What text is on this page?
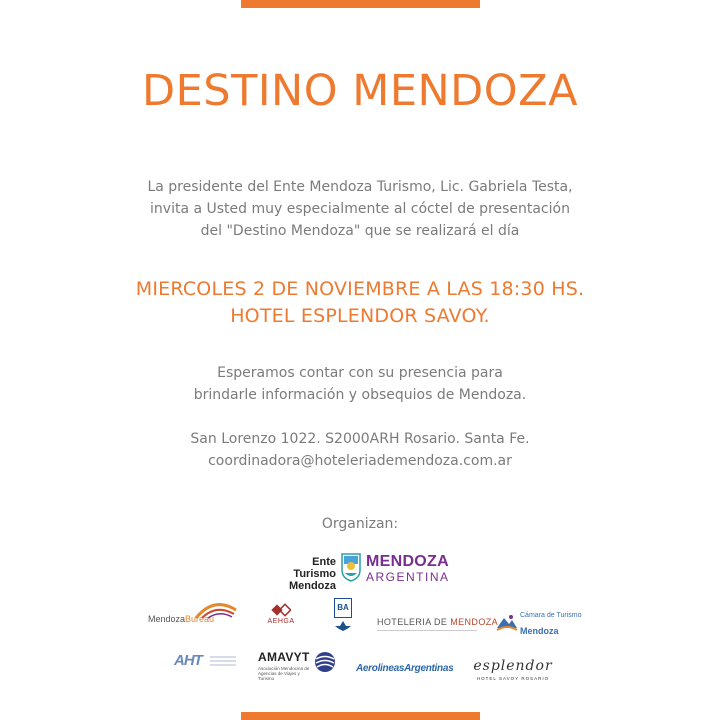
DESTINO MENDOZA
La presidente del Ente Mendoza Turismo, Lic. Gabriela Testa,
invita a Usted muy especialmente al cóctel de presentación
del "Destino Mendoza" que se realizará el día
MIERCOLES 2 DE NOVIEMBRE A LAS 18:30 HS.
HOTEL ESPLENDOR SAVOY.
Esperamos contar con su presencia para
brindarle información y obsequios de Mendoza.
San Lorenzo 1022. S2000ARH Rosario. Santa Fe.
coordinadora@hoteleriademendoza.com.ar
Organizan:
Ente Turismo
Mendoza
MENDOZA
ARGENTINA
MendozaBureau	AEHGA
BA
HOTELERIA DE MENDOZA
Cámara de Turismo
Mendoza
AHT	AMAVYT
Asociación Mendocina de Agencias de Viajes y Turismo
AerolineasArgentinas esplendor
HOTEL SAVOY ROSARIO
